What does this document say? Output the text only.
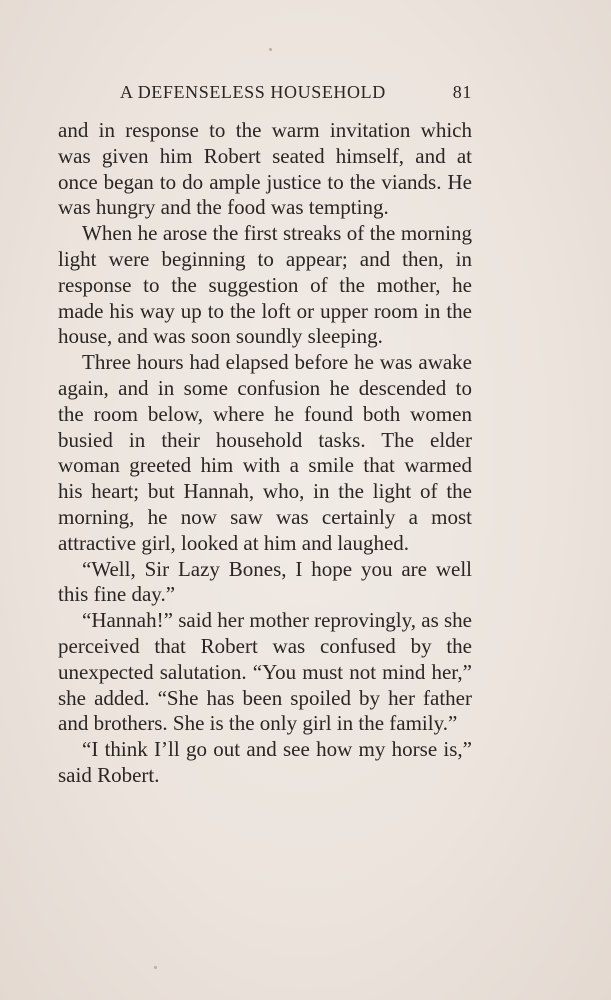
A DEFENSELESS HOUSEHOLD	81

and in response to the warm invitation which was given him Robert seated himself, and at once began to do ample justice to the viands. He was hungry and the food was tempting.

When he arose the first streaks of the morning light were beginning to appear; and then, in response to the suggestion of the mother, he made his way up to the loft or upper room in the house, and was soon soundly sleeping.

Three hours had elapsed before he was awake again, and in some confusion he descended to the room below, where he found both women busied in their household tasks. The elder woman greeted him with a smile that warmed his heart; but Hannah, who, in the light of the morning, he now saw was certainly a most attractive girl, looked at him and laughed.

“Well, Sir Lazy Bones, I hope you are well this fine day.”

“Hannah!” said her mother reprovingly, as she perceived that Robert was confused by the unexpected salutation. “You must not mind her,” she added. “She has been spoiled by her father and brothers. She is the only girl in the family.”

“I think I’ll go out and see how my horse is,” said Robert.
